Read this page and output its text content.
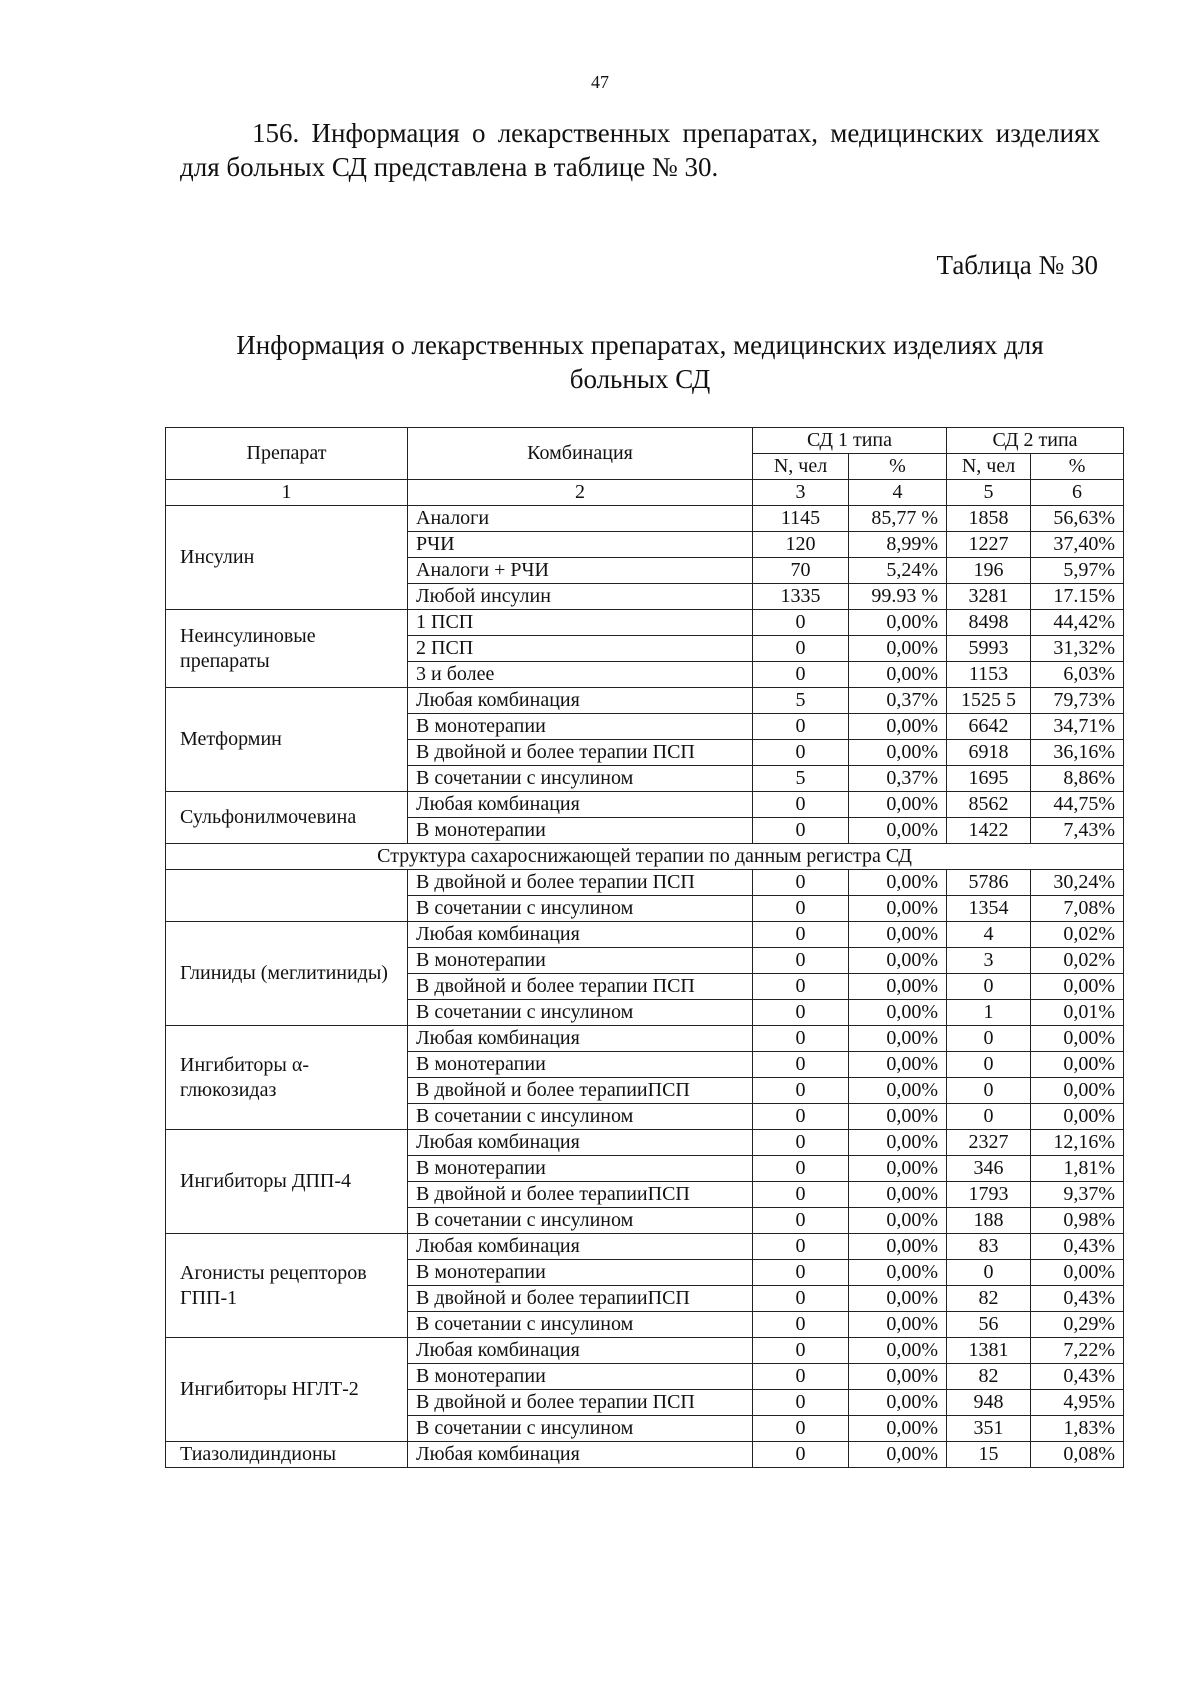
47
156. Информация о лекарственных препаратах, медицинских изделиях для больных СД представлена в таблице № 30.
Таблица № 30
Информация о лекарственных препаратах, медицинских изделиях для больных СД
Препарат	Комбинация	СД 1 типа		СД 2 типа	
		N, чел	%	N, чел	%
1	2	3	4	5	6
Инсулин	Аналоги	1145	85,77 %	1858	56,63%
	РЧИ	120	8,99%	1227	37,40%
	Аналоги + РЧИ	70	5,24%	196	5,97%
	Любой инсулин	1335	99.93 %	3281	17.15%
Неинсулиновые препараты	1 ПСП	0	0,00%	8498	44,42%
	2 ПСП	0	0,00%	5993	31,32%
	3 и более	0	0,00%	1153	6,03%
Метформин	Любая комбинация	5	0,37%	1525 5	79,73%
	В монотерапии	0	0,00%	6642	34,71%
	В двойной и более терапии ПСП	0	0,00%	6918	36,16%
	В сочетании с инсулином	5	0,37%	1695	8,86%
Сульфонилмочевина	Любая комбинация	0	0,00%	8562	44,75%
	В монотерапии	0	0,00%	1422	7,43%
Структура сахароснижающей терапии по данным регистра СД					
	В двойной и более терапии ПСП	0	0,00%	5786	30,24%
	В сочетании с инсулином	0	0,00%	1354	7,08%
Глиниды (меглитиниды)	Любая комбинация	0	0,00%	4	0,02%
	В монотерапии	0	0,00%	3	0,02%
	В двойной и более терапии ПСП	0	0,00%	0	0,00%
	В сочетании с инсулином	0	0,00%	1	0,01%
Ингибиторы α-глюкозидаз	Любая комбинация	0	0,00%	0	0,00%
	В монотерапии	0	0,00%	0	0,00%
	В двойной и более терапииПСП	0	0,00%	0	0,00%
	В сочетании с инсулином	0	0,00%	0	0,00%
Ингибиторы ДПП-4	Любая комбинация	0	0,00%	2327	12,16%
	В монотерапии	0	0,00%	346	1,81%
	В двойной и более терапииПСП	0	0,00%	1793	9,37%
	В сочетании с инсулином	0	0,00%	188	0,98%
Агонисты рецепторов ГПП-1	Любая комбинация	0	0,00%	83	0,43%
	В монотерапии	0	0,00%	0	0,00%
	В двойной и более терапииПСП	0	0,00%	82	0,43%
	В сочетании с инсулином	0	0,00%	56	0,29%
Ингибиторы НГЛТ-2	Любая комбинация	0	0,00%	1381	7,22%
	В монотерапии	0	0,00%	82	0,43%
	В двойной и более терапии ПСП	0	0,00%	948	4,95%
	В сочетании с инсулином	0	0,00%	351	1,83%
Тиазолидиндионы	Любая комбинация	0	0,00%	15	0,08%
